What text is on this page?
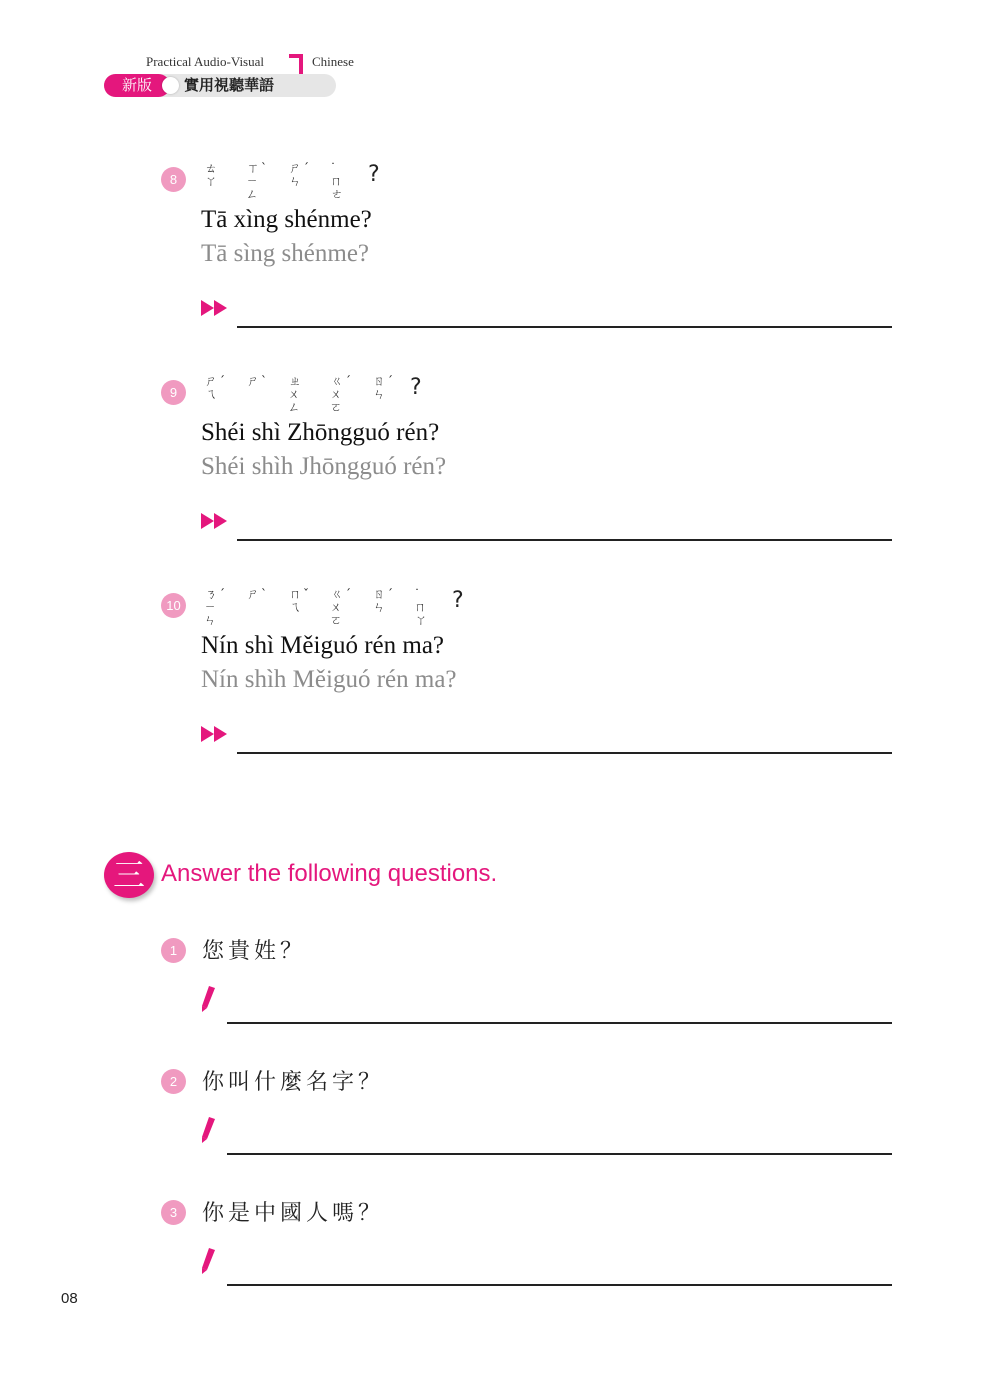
Practical Audio-Visual	Chinese
新版	實用視聽華語
8
ㄊ
ㄚ
ㄒ
ㄧ ㄥ
ˋ ㄕ
ㄣ
ˊ ˙ㄇ
ㄜ
?
Tā xìng shénme?
Tā sìng shénme?
9
ㄕ
ㄟ
ˊ ㄕ ˋ ㄓ
ㄨ ㄥ
ㄍ
ㄨ ㄛ
ˊ ㄖ
ㄣ
ˊ ?
Shéi shì Zhōngguó rén?
Shéi shìh Jhōngguó rén?
10
ㄋ
ㄧ ㄣ
ˊ ㄕ ˋ ㄇ
ㄟ
ˇ ㄍ
ㄨ ㄛ
ˊ ㄖ
ㄣ
ˊ ˙ㄇ
ㄚ
?
Nín shì Měiguó rén ma?
Nín shìh Měiguó rén ma?
三 Answer the following questions.
1	您貴姓？
2	你叫什麼名字？
3	你是中國人嗎？
08
